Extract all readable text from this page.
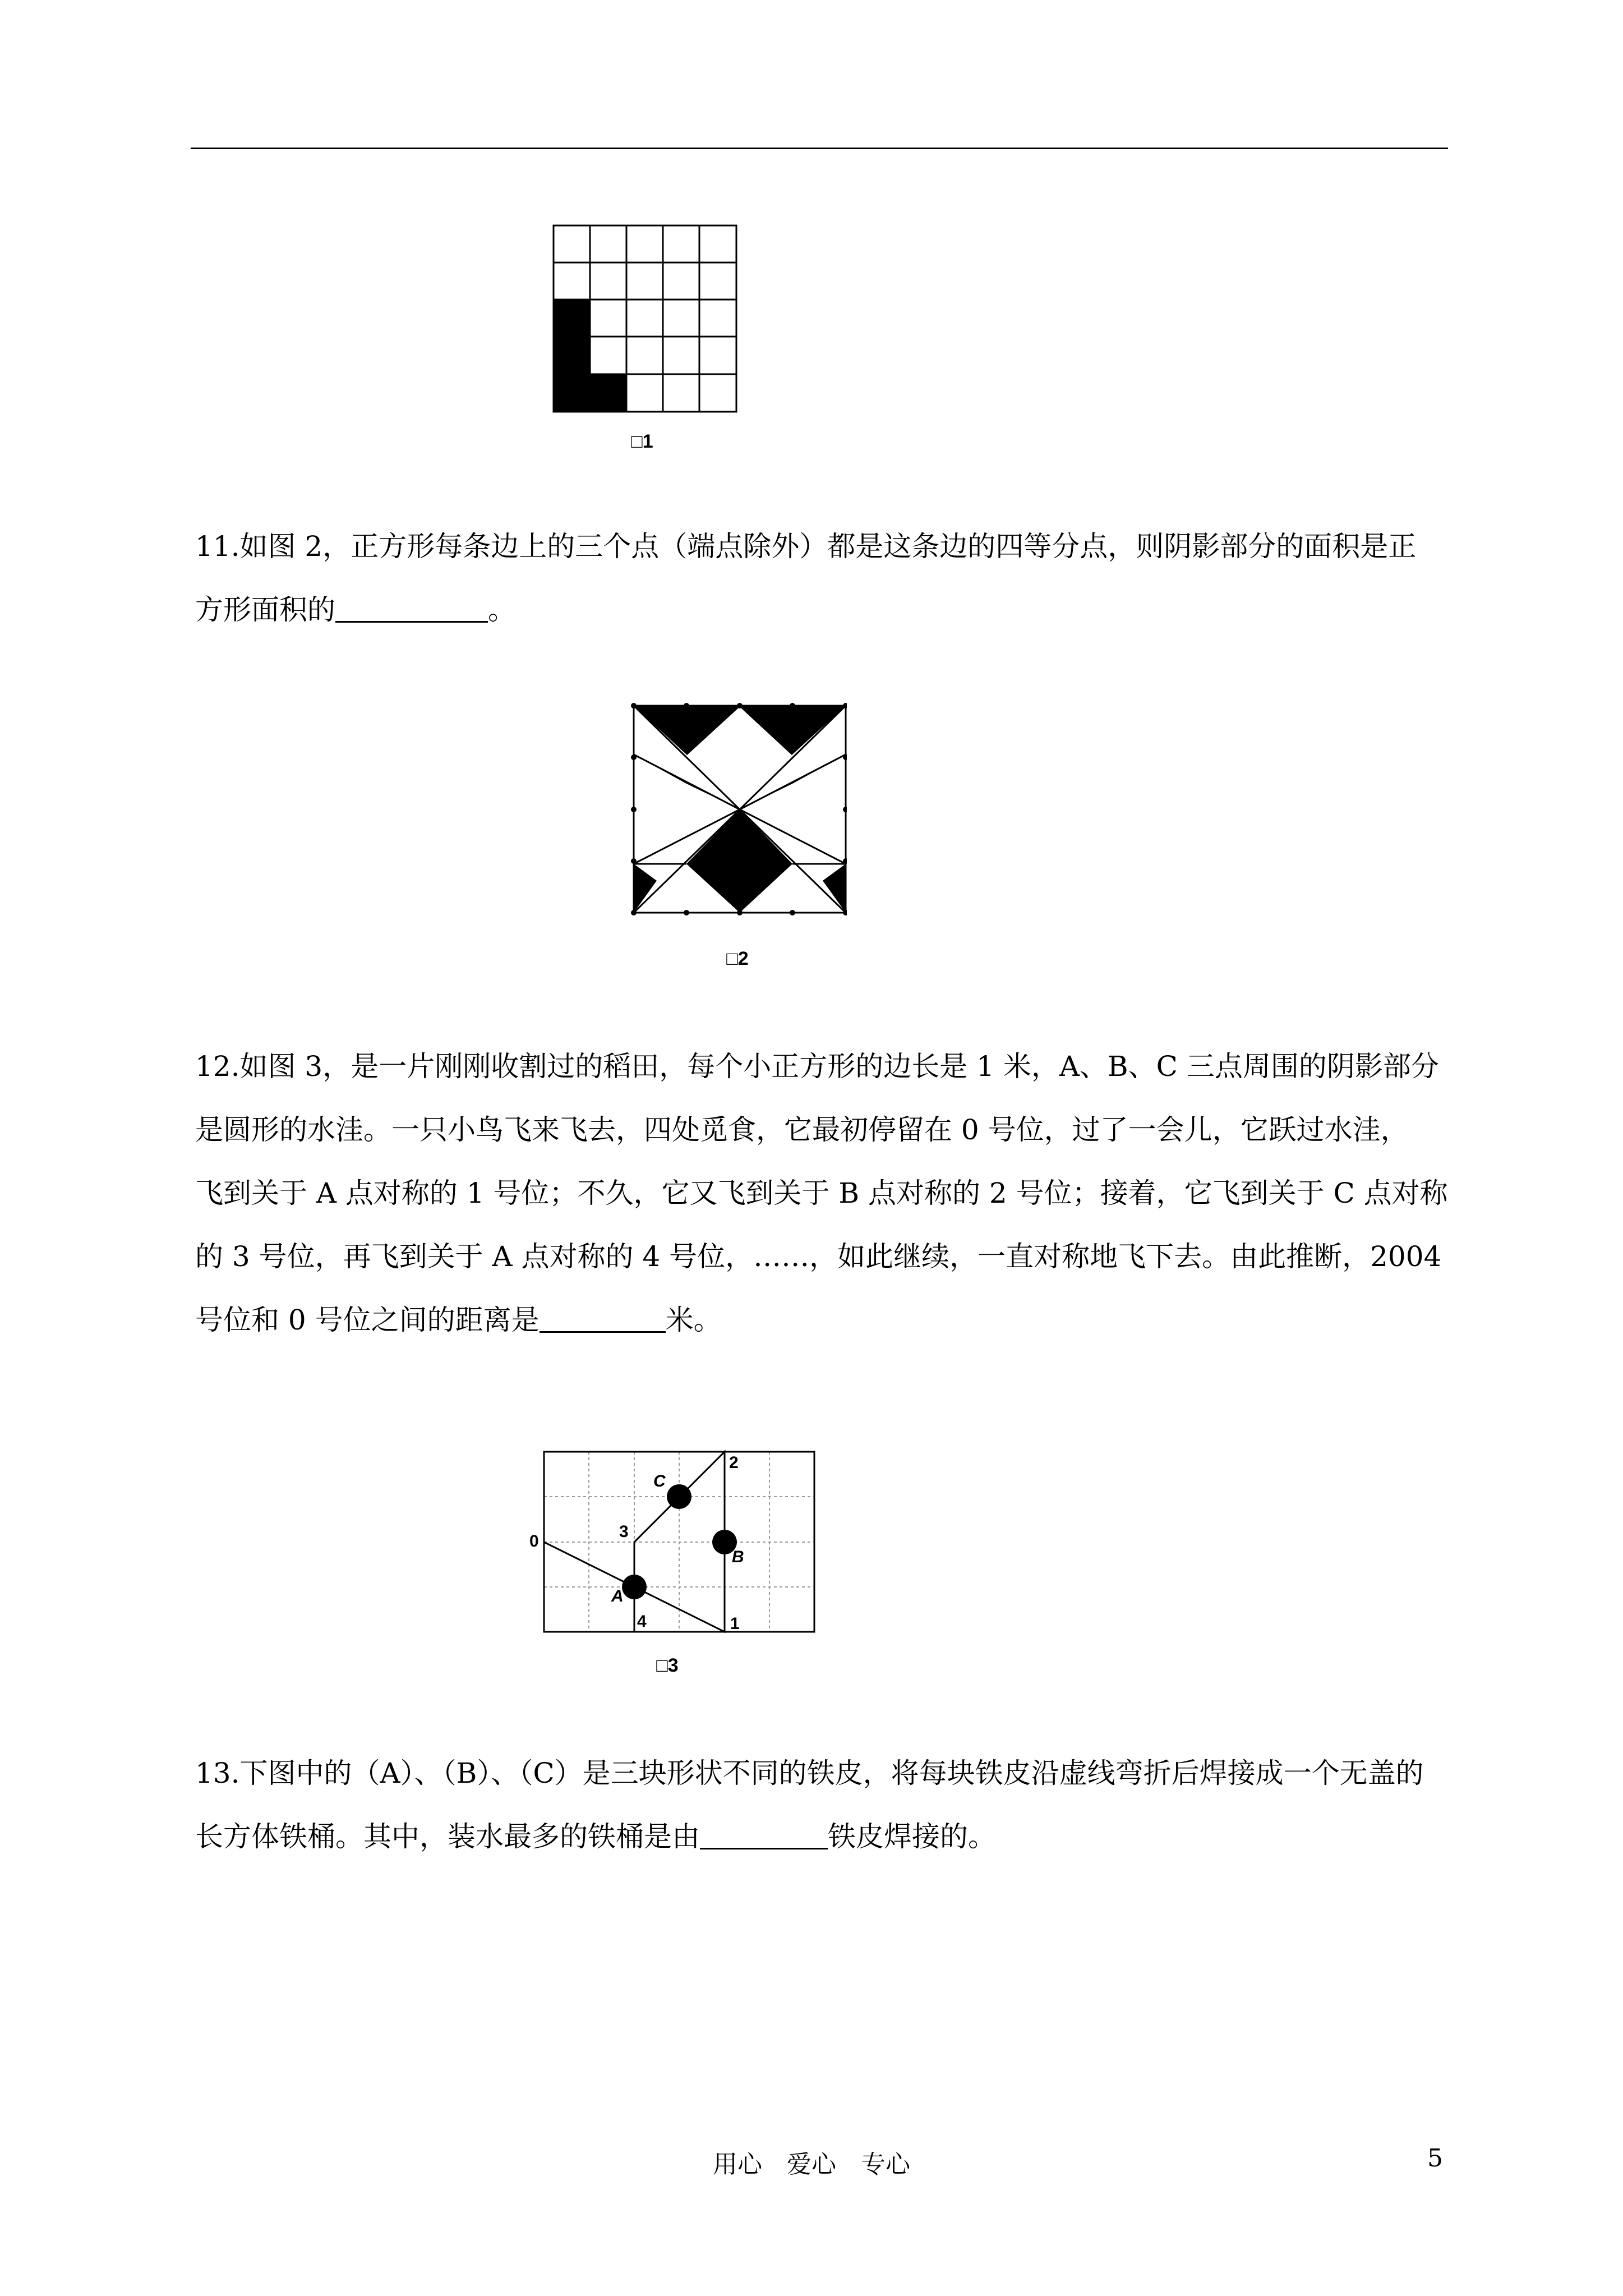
□1

11.如图 2，正方形每条边上的三个点（端点除外）都是这条边的四等分点，则阴影部分的面积是正

方形面积的	。

□2

12.如图 3，是一片刚刚收割过的稻田，每个小正方形的边长是 1 米，A、B、C 三点周围的阴影部分

是圆形的水洼。一只小鸟飞来飞去，四处觅食，它最初停留在 0 号位，过了一会儿，它跃过水洼，

飞到关于 A 点对称的 1 号位；不久，它又飞到关于 B 点对称的 2 号位；接着，它飞到关于 C 点对称

的 3 号位，再飞到关于 A 点对称的 4 号位，……，如此继续，一直对称地飞下去。由此推断，2004

号位和 0 号位之间的距离是	米。

0
1
2
3
4
A
B
C
□3

13.下图中的（A）、（B）、（C）是三块形状不同的铁皮，将每块铁皮沿虚线弯折后焊接成一个无盖的

长方体铁桶。其中，装水最多的铁桶是由	铁皮焊接的。

用心　爱心　专心	5
